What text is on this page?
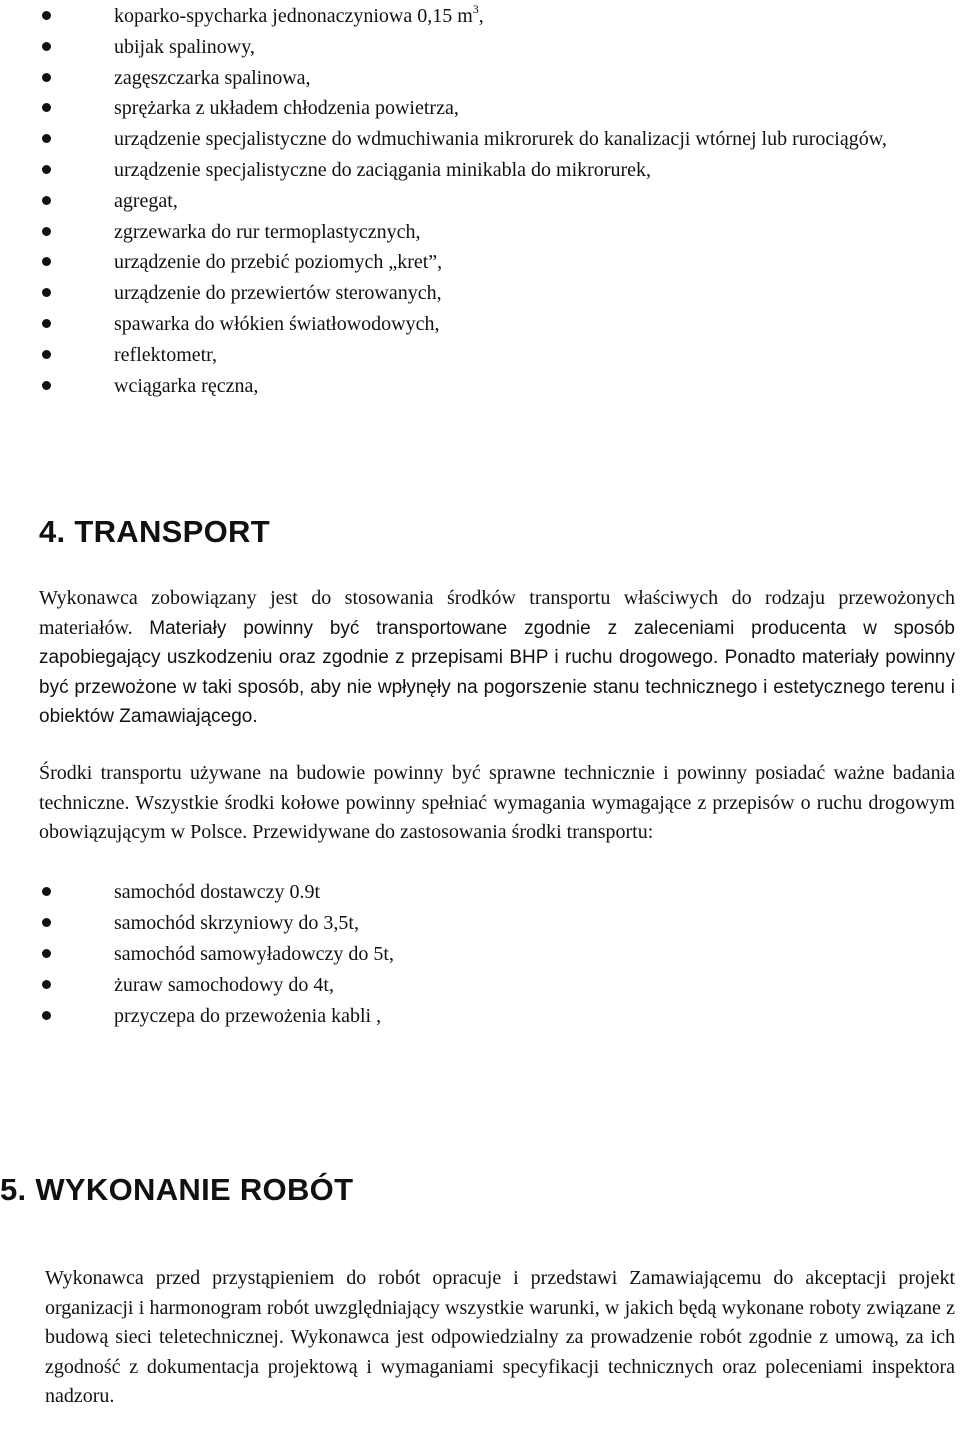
koparko-spycharka jednonaczyniowa 0,15 $m^3$,
ubijak spalinowy,
zagęszczarka spalinowa,
sprężarka z układem chłodzenia powietrza,
urządzenie specjalistyczne do wdmuchiwania mikrorurek do kanalizacji wtórnej lub rurociągów,
urządzenie specjalistyczne do zaciągania minikabla do mikrorurek,
agregat,
zgrzewarka do rur termoplastycznych,
urządzenie do przebić poziomych „kret”,
urządzenie do przewiertów sterowanych,
spawarka do włókien światłowodowych,
reflektometr,
wciągarka ręczna,
4. TRANSPORT

Wykonawca zobowiązany jest do stosowania środków transportu właściwych do rodzaju przewożonych materiałów. Materiały powinny być transportowane zgodnie z zaleceniami producenta w sposób zapobiegający uszkodzeniu oraz zgodnie z przepisami BHP i ruchu drogowego. Ponadto materiały powinny być przewożone w taki sposób, aby nie wpłynęły na pogorszenie stanu technicznego i estetycznego terenu i obiektów Zamawiającego.

Środki transportu używane na budowie powinny być sprawne technicznie i powinny posiadać ważne badania techniczne. Wszystkie środki kołowe powinny spełniać wymagania wymagające z przepisów o ruchu drogowym obowiązującym w Polsce. Przewidywane do zastosowania środki transportu:

samochód dostawczy 0.9t
samochód skrzyniowy do 3,5t,
samochód samowyładowczy do 5t,
żuraw samochodowy do 4t,
przyczepa do przewożenia kabli ,
5. WYKONANIE ROBÓT

Wykonawca przed przystąpieniem do robót opracuje i przedstawi Zamawiającemu do akceptacji projekt organizacji i harmonogram robót uwzględniający wszystkie warunki, w jakich będą wykonane roboty związane z budową sieci teletechnicznej. Wykonawca jest odpowiedzialny za prowadzenie robót zgodnie z umową, za ich zgodność z dokumentacja projektową i wymaganiami specyfikacji technicznych oraz poleceniami inspektora nadzoru.
